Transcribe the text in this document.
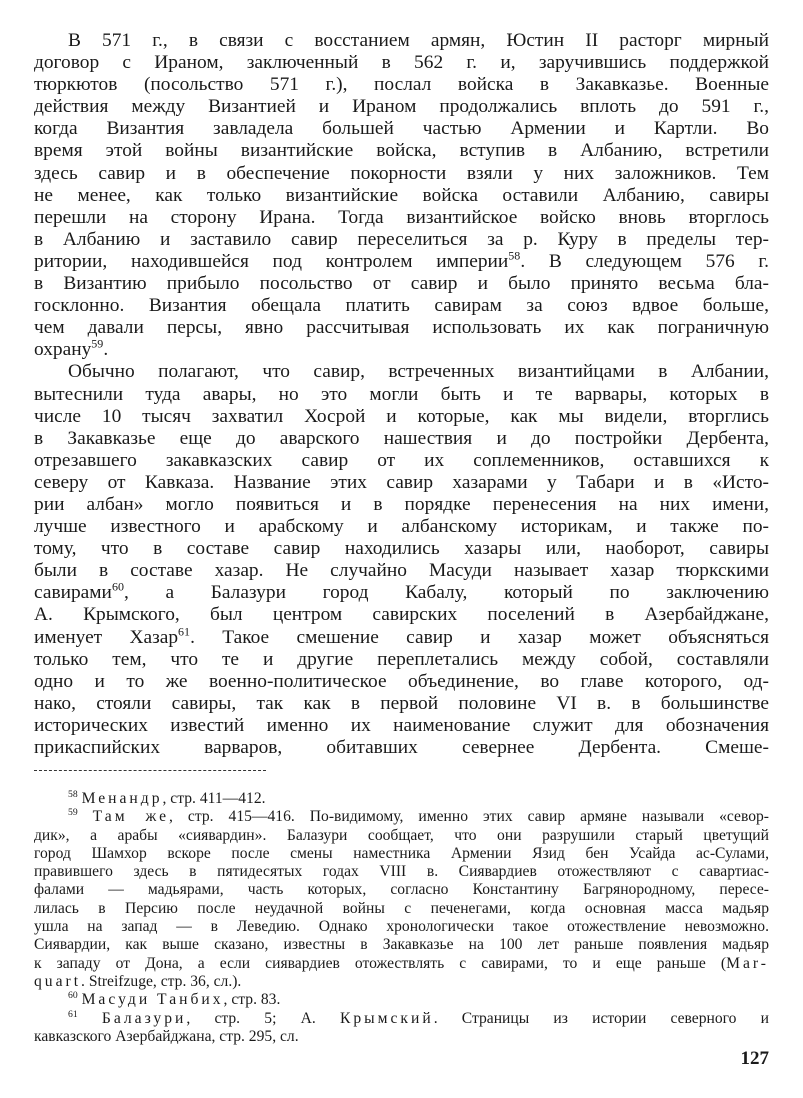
В 571 г., в связи с восстанием армян, Юстин II расторг мирный
договор с Ираном, заключенный в 562 г. и, заручившись поддержкой
тюркютов (посольство 571 г.), послал войска в Закавказье. Военные
действия между Византией и Ираном продолжались вплоть до 591 г.,
когда Византия завладела большей частью Армении и Картли. Во
время этой войны византийские войска, вступив в Албанию, встретили
здесь савир и в обеспечение покорности взяли у них заложников. Тем
не менее, как только византийские войска оставили Албанию, савиры
перешли на сторону Ирана. Тогда византийское войско вновь вторглось
в Албанию и заставило савир переселиться за р. Куру в пределы тер-
ритории, находившейся под контролем империи$^{58}$. В следующем 576 г.
в Византию прибыло посольство от савир и было принято весьма бла-
госклонно. Византия обещала платить савирам за союз вдвое больше,
чем давали персы, явно рассчитывая использовать их как пограничную
охрану$^{59}$.

Обычно полагают, что савир, встреченных византийцами в Албании,
вытеснили туда авары, но это могли быть и те варвары, которых в
числе 10 тысяч захватил Хосрой и которые, как мы видели, вторглись
в Закавказье еще до аварского нашествия и до постройки Дербента,
отрезавшего закавказских савир от их соплеменников, оставшихся к
северу от Кавказа. Название этих савир хазарами у Табари и в «Исто-
рии албан» могло появиться и в порядке перенесения на них имени,
лучше известного и арабскому и албанскому историкам, и также по-
тому, что в составе савир находились хазары или, наоборот, савиры
были в составе хазар. Не случайно Масуди называет хазар тюркскими
савирами$^{60}$, а Балазури город Кабалу, который по заключению
А. Крымского, был центром савирских поселений в Азербайджане,
именует Хазар$^{61}$. Такое смешение савир и хазар может объясняться
только тем, что те и другие переплетались между собой, составляли
одно и то же военно-политическое объединение, во главе которого, од-
нако, стояли савиры, так как в первой половине VI в. в большинстве
исторических известий именно их наименование служит для обозначения
прикаспийских варваров, обитавших севернее Дербента. Смеше-

$^{58}$ Менандр, стр. 411—412.

$^{59}$ Там же, стр. 415—416. По-видимому, именно этих савир армяне называли «севор-
дик», а арабы «сиявардин». Балазури сообщает, что они разрушили старый цветущий
город Шамхор вскоре после смены наместника Армении Язид бен Усайда ас-Сулами,
правившего здесь в пятидесятых годах VIII в. Сиявардиев отожествляют с савартиас-
фалами — мадьярами, часть которых, согласно Константину Багрянородному, пересе-
лилась в Персию после неудачной войны с печенегами, когда основная масса мадьяр
ушла на запад — в Леведию. Однако хронологически такое отожествление невозможно.
Сиявардии, как выше сказано, известны в Закавказье на 100 лет раньше появления мадьяр
к западу от Дона, а если сиявардиев отожествлять с савирами, то и еще раньше (Mar-
quart. Streifzuge, стр. 36, сл.).

$^{60}$ Масуди Танбих, стр. 83.

$^{61}$ Балазури, стр. 5; А. Крымский. Страницы из истории северного и
кавказского Азербайджана, стр. 295, сл.

127
